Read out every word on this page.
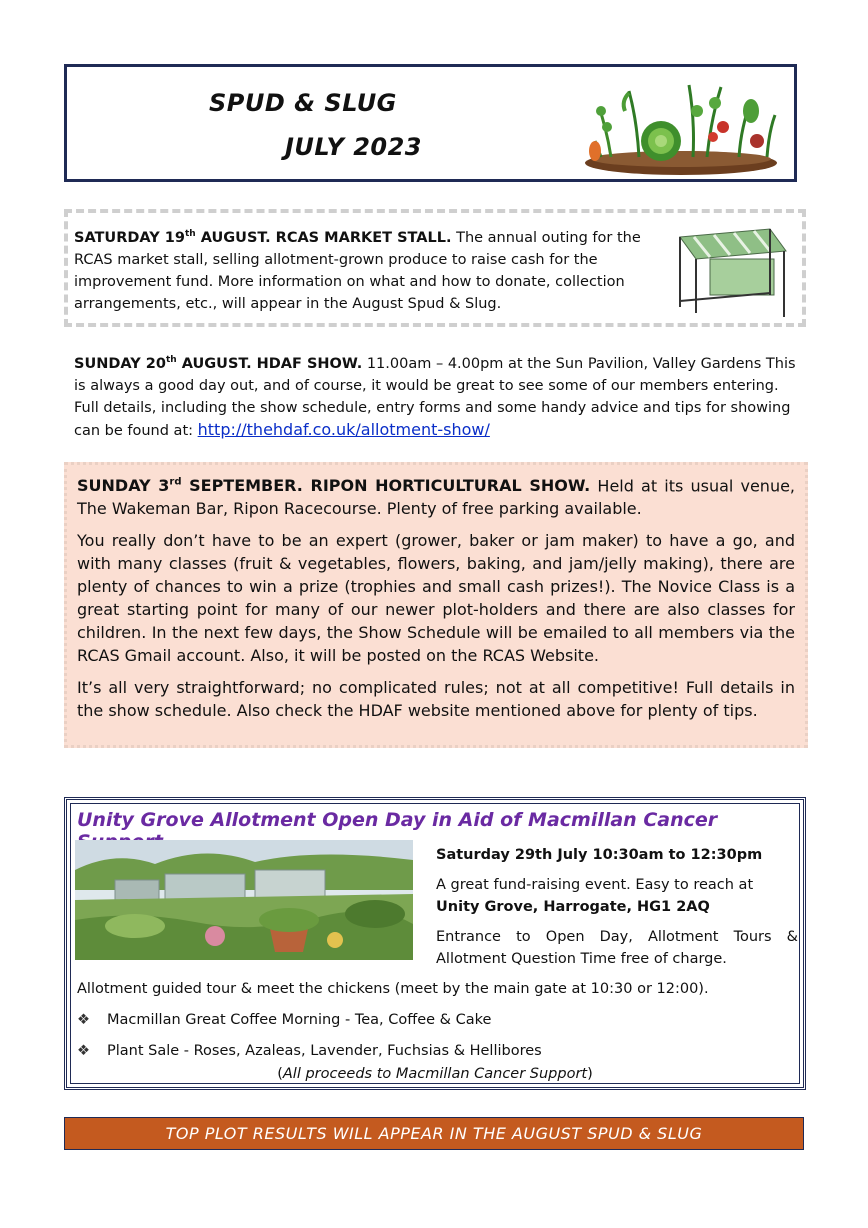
SPUD & SLUG
JULY 2023
SATURDAY 19th AUGUST. RCAS MARKET STALL. The annual outing for the RCAS market stall, selling allotment-grown produce to raise cash for the improvement fund. More information on what and how to donate, collection arrangements, etc., will appear in the August Spud & Slug.
SUNDAY 20th AUGUST. HDAF SHOW. 11.00am – 4.00pm at the Sun Pavilion, Valley Gardens This is always a good day out, and of course, it would be great to see some of our members entering. Full details, including the show schedule, entry forms and some handy advice and tips for showing can be found at: http://thehdaf.co.uk/allotment-show/

SUNDAY 3rd SEPTEMBER. RIPON HORTICULTURAL SHOW. Held at its usual venue, The Wakeman Bar, Ripon Racecourse. Plenty of free parking available.

You really don’t have to be an expert (grower, baker or jam maker) to have a go, and with many classes (fruit & vegetables, flowers, baking, and jam/jelly making), there are plenty of chances to win a prize (trophies and small cash prizes!). The Novice Class is a great starting point for many of our newer plot-holders and there are also classes for children. In the next few days, the Show Schedule will be emailed to all members via the RCAS Gmail account. Also, it will be posted on the RCAS Website.

It’s all very straightforward; no complicated rules; not at all competitive! Full details in the show schedule. Also check the HDAF website mentioned above for plenty of tips.

Unity Grove Allotment Open Day in Aid of Macmillan Cancer

Saturday 29th July 10:30am to 12:30pm

A great fund-raising event. Easy to reach at
Unity Grove, Harrogate, HG1 2AQ

Entrance to Open Day, Allotment Tours & Allotment Question Time free of charge.

Allotment guided tour & meet the chickens (meet by the main gate at 10:30 or 12:00).
❖ Macmillan Great Coffee Morning - Tea, Coffee & Cake
❖ Plant Sale - Roses, Azaleas, Lavender, Fuchsias & Hellibores
(All proceeds to Macmillan Cancer Support)
TOP PLOT RESULTS WILL APPEAR IN THE AUGUST SPUD & SLUG
